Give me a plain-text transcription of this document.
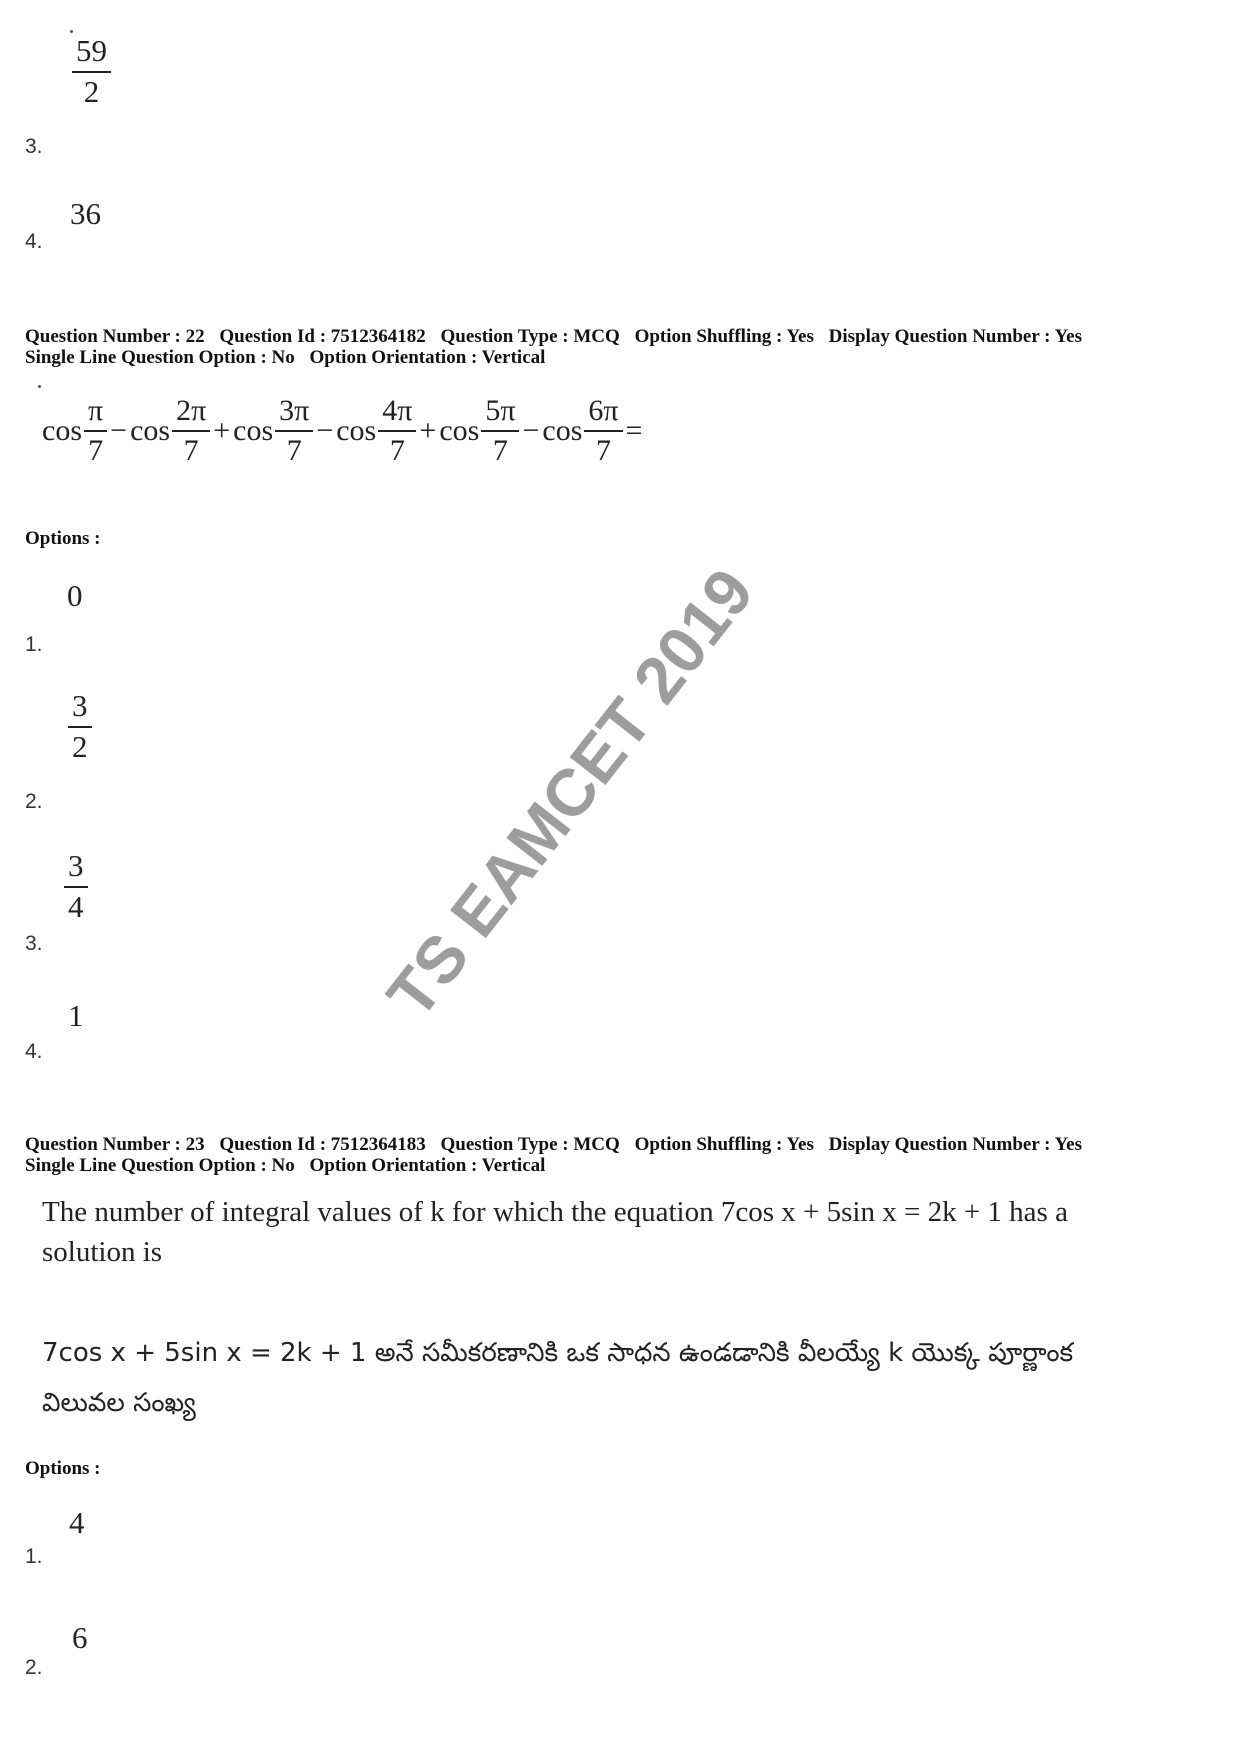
TS EAMCET 2019
$\frac{59}{2}$
3.
36
4.
Question Number : 22 Question Id : 7512364182 Question Type : MCQ Option Shuffling : Yes Display Question Number : Yes
Single Line Question Option : No Option Orientation : Vertical
$\cos \frac{\pi}{7} - \cos \frac{2\pi}{7} + \cos \frac{3\pi}{7} - \cos \frac{4\pi}{7} + \cos \frac{5\pi}{7} - \cos \frac{6\pi}{7}$ =
Options :
0
1.
$\frac{3}{2}$
2.
$\frac{3}{4}$
3.
1
4.
Question Number : 23 Question Id : 7512364183 Question Type : MCQ Option Shuffling : Yes Display Question Number : Yes
Single Line Question Option : No Option Orientation : Vertical
The number of integral values of k for which the equation 7cos x + 5sin x = 2k + 1 has a
solution is
7cos x + 5sin x = 2k + 1 అనే సమీకరణానికి ఒక సాధన ఉండడానికి వీలయ్యే k యొక్క పూర్ణాంక
విలువల సంఖ్య
Options :
4
1.
6
2.
